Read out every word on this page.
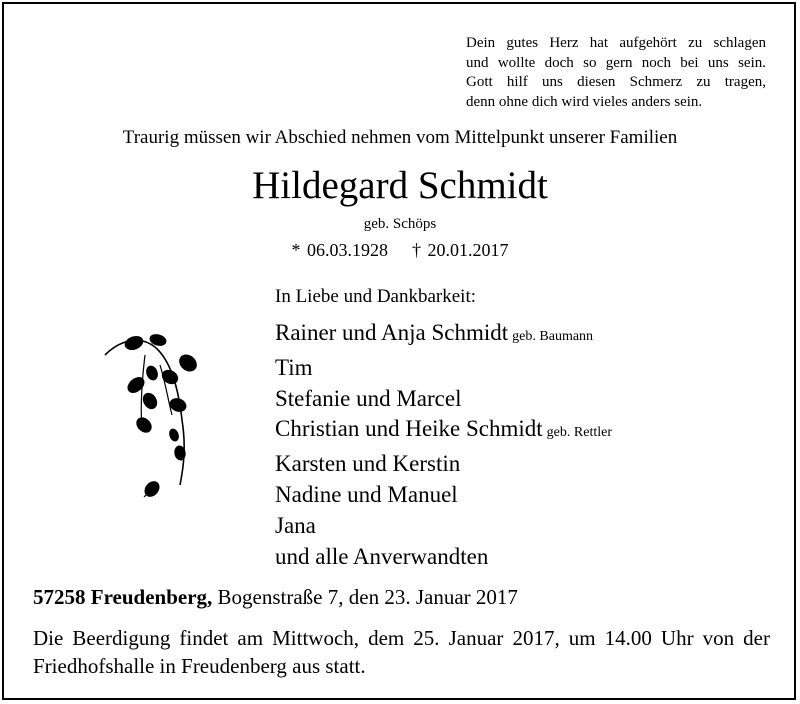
Dein gutes Herz hat aufgehört zu schlagen
und wollte doch so gern noch bei uns sein.
Gott hilf uns diesen Schmerz zu tragen,
denn ohne dich wird vieles anders sein.
Traurig müssen wir Abschied nehmen vom Mittelpunkt unserer Familien
Hildegard Schmidt
geb. Schöps
* 06.03.1928 † 20.01.2017
In Liebe und Dankbarkeit:
Rainer und Anja Schmidt geb. Baumann
Tim
Stefanie und Marcel
Christian und Heike Schmidt geb. Rettler
Karsten und Kerstin
Nadine und Manuel
Jana
und alle Anverwandten
57258 Freudenberg, Bogenstraße 7, den 23. Januar 2017
Die Beerdigung findet am Mittwoch, dem 25. Januar 2017, um 14.00 Uhr von der Friedhofshalle in Freudenberg aus statt.
